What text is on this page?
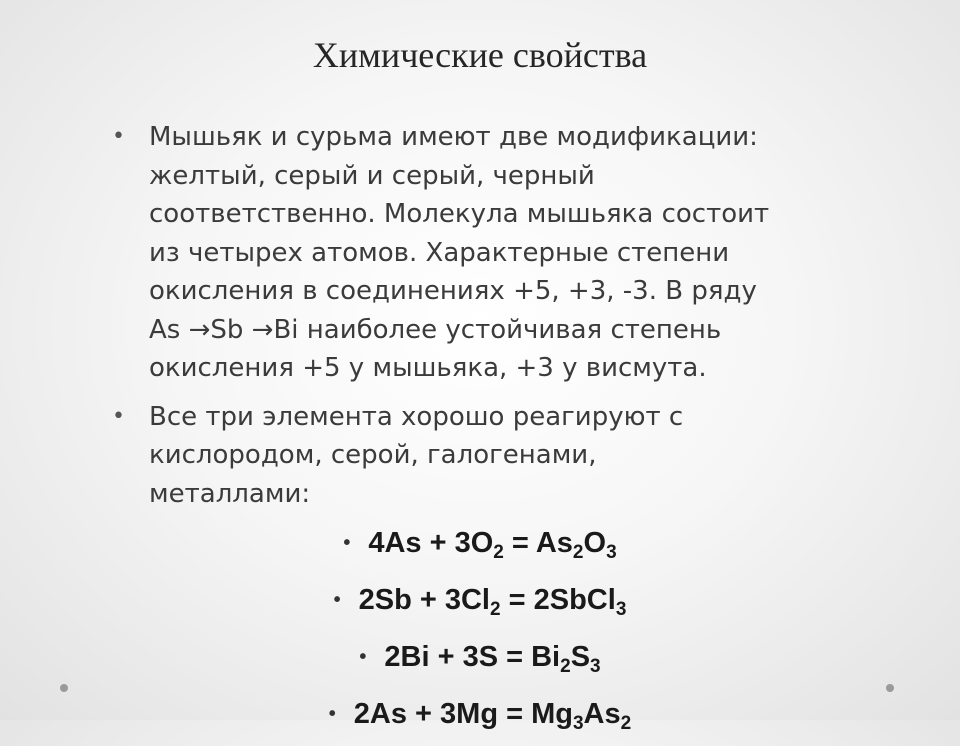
Химические свойства
• Мышьяк и сурьма имеют две модификации:
желтый, серый и серый, черный
соответственно. Молекула мышьяка состоит
из четырех атомов. Характерные степени
окисления в соединениях +5, +3, -3. В ряду
As →Sb →Bi наиболее устойчивая степень
окисления +5 у мышьяка, +3 у висмута.
• Все три элемента хорошо реагируют с
кислородом, серой, галогенами,
металлами:
• $4As + 3O_2 = As_2O_3$
• $2Sb + 3Cl_2$ = 2SbCl$_3$
• $2Bi + 3S = Bi_2S_3$
• $2As + 3Mg = Mg_3As_2$
